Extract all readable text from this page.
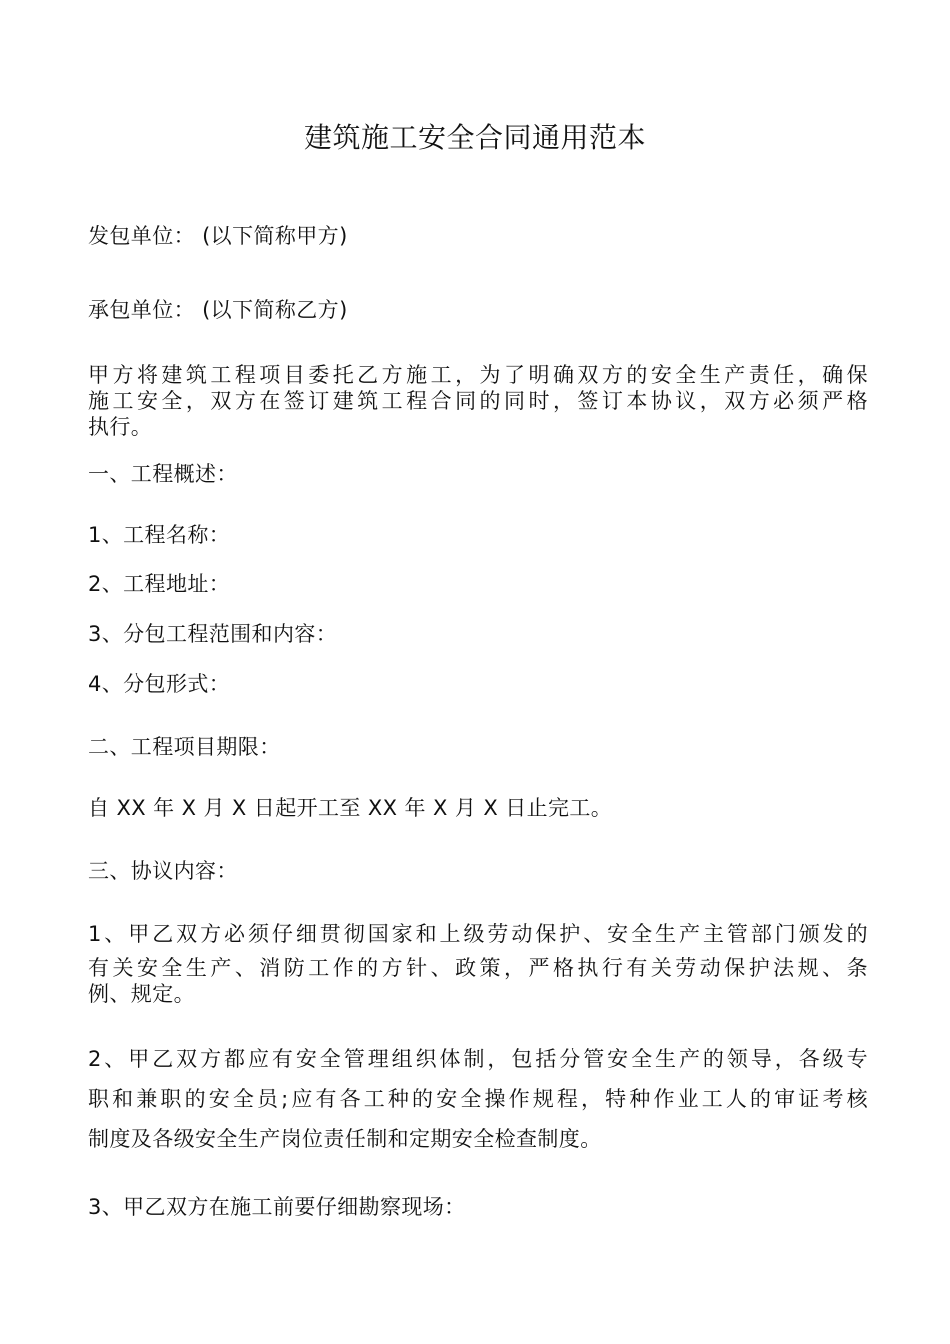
建筑施工安全合同通用范本
发包单位： (以下简称甲方)
承包单位： (以下简称乙方)
甲方将建筑工程项目委托乙方施工，为了明确双方的安全生产责任，确保
施工安全，双方在签订建筑工程合同的同时，签订本协议，双方必须严格
执行。
一、工程概述：
1、工程名称：
2、工程地址：
3、分包工程范围和内容：
4、分包形式：
二、工程项目期限：
自 XX 年 X 月 X 日起开工至 XX 年 X 月 X 日止完工。
三、协议内容：
1、甲乙双方必须仔细贯彻国家和上级劳动保护、安全生产主管部门颁发的
有关安全生产、消防工作的方针、政策，严格执行有关劳动保护法规、条
例、规定。
2、甲乙双方都应有安全管理组织体制，包括分管安全生产的领导，各级专
职和兼职的安全员;应有各工种的安全操作规程，特种作业工人的审证考核
制度及各级安全生产岗位责任制和定期安全检查制度。
3、甲乙双方在施工前要仔细勘察现场：
